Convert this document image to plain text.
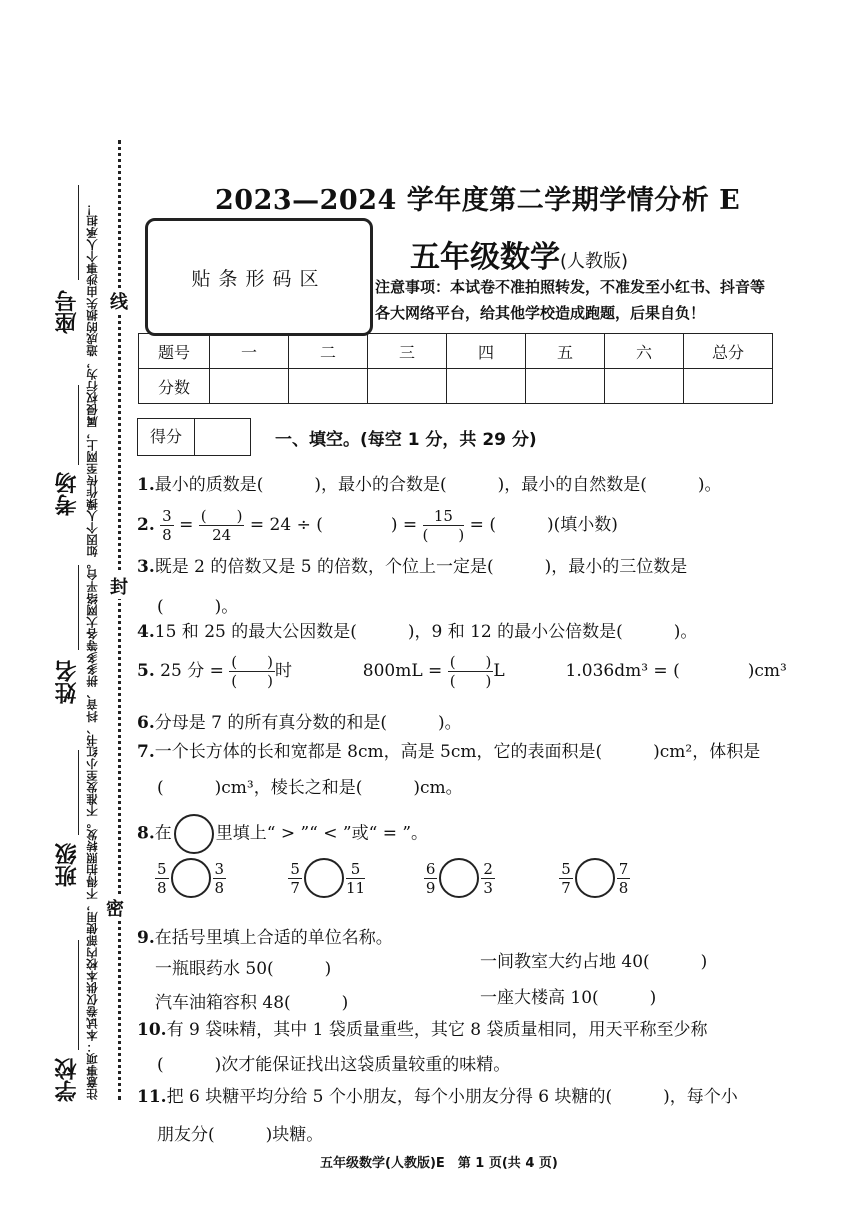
注意事项：本试卷仅供本校内部使用，不得拍照转发。不准发至小红书、抖音、拼多多等各大网络平台。如因个人操作传至网上，属侵权行为，造成的损失由涉事个人承担！ 线
封
密
座号
考场
姓名
班级
学校
2023—2024 学年度第二学期学情分析 E
贴条形码区
五年级数学(人教版)
注意事项：本试卷不准拍照转发，不准发至小红书、抖音等各大网络平台，给其他学校造成跑题，后果自负！
题号	一	二	三	四	五	六	总分
分数							
得分	一、填空。(每空 1 分，共 29 分)
1.最小的质数是(　　　)，最小的合数是(　　　)，最小的自然数是(　　　)。
2. $\frac{3}{8} = \frac{( )}{24} = 24$ ÷ (　　　　) = $\frac{15}{( )}$ = (　　　)(填小数)
3.既是 2 的倍数又是 5 的倍数，个位上一定是(　　　)，最小的三位数是
(　　　)。
4.15 和 25 的最大公因数是(　　　)，9 和 12 的最小公倍数是(　　　)。
5. 25 分 = $\frac{( )}{( )}$ 时	$800mL = \frac{( )}{( )}$ L	1.036dm³ = (　　　　)cm³
6.分母是 7 的所有真分数的和是(　　　)。
7.一个长方体的长和宽都是 8cm，高是 5cm，它的表面积是(　　　)cm²，体积是
(　　　)cm³，棱长之和是(　　　)cm。
8.在	里填上“ > ”“ < ”或“ = ”。
$\frac{5}{8}$	$\frac{3}{8}$
	$\frac{5}{7}$	$\frac{5}{11}$
	$\frac{6}{9}$	$\frac{2}{3}$
	$\frac{5}{7}$	$\frac{7}{8}$
9.在括号里填上合适的单位名称。
一瓶眼药水 50(　　　)	一间教室大约占地 40(　　　)
汽车油箱容积 48(　　　)	一座大楼高 10(　　　)
10.有 9 袋味精，其中 1 袋质量重些，其它 8 袋质量相同，用天平称至少称
(　　　)次才能保证找出这袋质量较重的味精。
11.把 6 块糖平均分给 5 个小朋友，每个小朋友分得 6 块糖的(　　　)，每个小
朋友分(　　　)块糖。
五年级数学(人教版)E　第 1 页(共 4 页)
